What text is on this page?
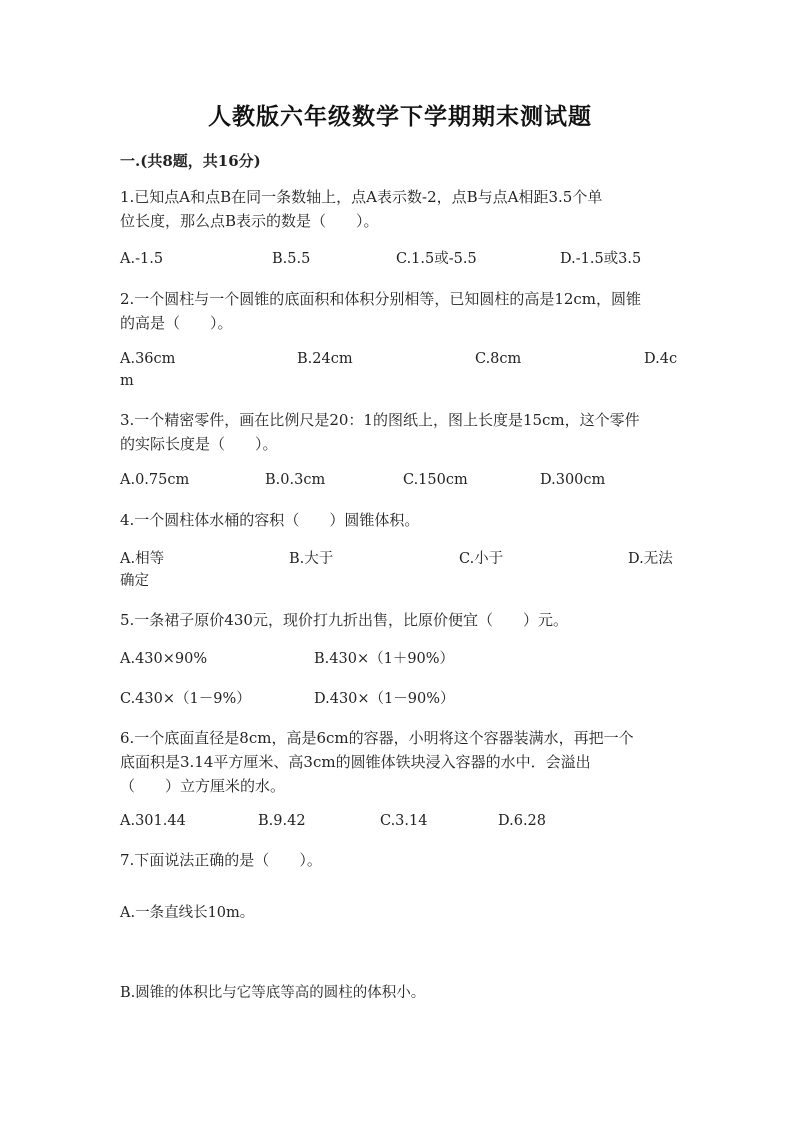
人教版六年级数学下学期期末测试题
一.(共8题，共16分)
1.已知点A和点B在同一条数轴上，点A表示数-2，点B与点A相距3.5个单
位长度，那么点B表示的数是（　　）。
A.-1.5	B.5.5	C.1.5或-5.5	D.-1.5或3.5
2.一个圆柱与一个圆锥的底面积和体积分别相等，已知圆柱的高是12cm，圆锥
的高是（　　）。
A.36cm	B.24cm	C.8cm	D.4c
m
3.一个精密零件，画在比例尺是20：1的图纸上，图上长度是15cm，这个零件
的实际长度是（　　）。
A.0.75cm	B.0.3cm	C.150cm	D.300cm
4.一个圆柱体水桶的容积（　　）圆锥体积。
A.相等	B.大于	C.小于	D.无法
确定
5.一条裙子原价430元，现价打九折出售，比原价便宜（　　）元。
A.430×90%	B.430×（1＋90%）
C.430×（1－9%）	D.430×（1－90%）
6.一个底面直径是8cm，高是6cm的容器，小明将这个容器装满水，再把一个
底面积是3.14平方厘米、高3cm的圆锥体铁块浸入容器的水中．会溢出
（　　）立方厘米的水。
A.301.44	B.9.42	C.3.14	D.6.28
7.下面说法正确的是（　　）。
A.一条直线长10m。
B.圆锥的体积比与它等底等高的圆柱的体积小。
